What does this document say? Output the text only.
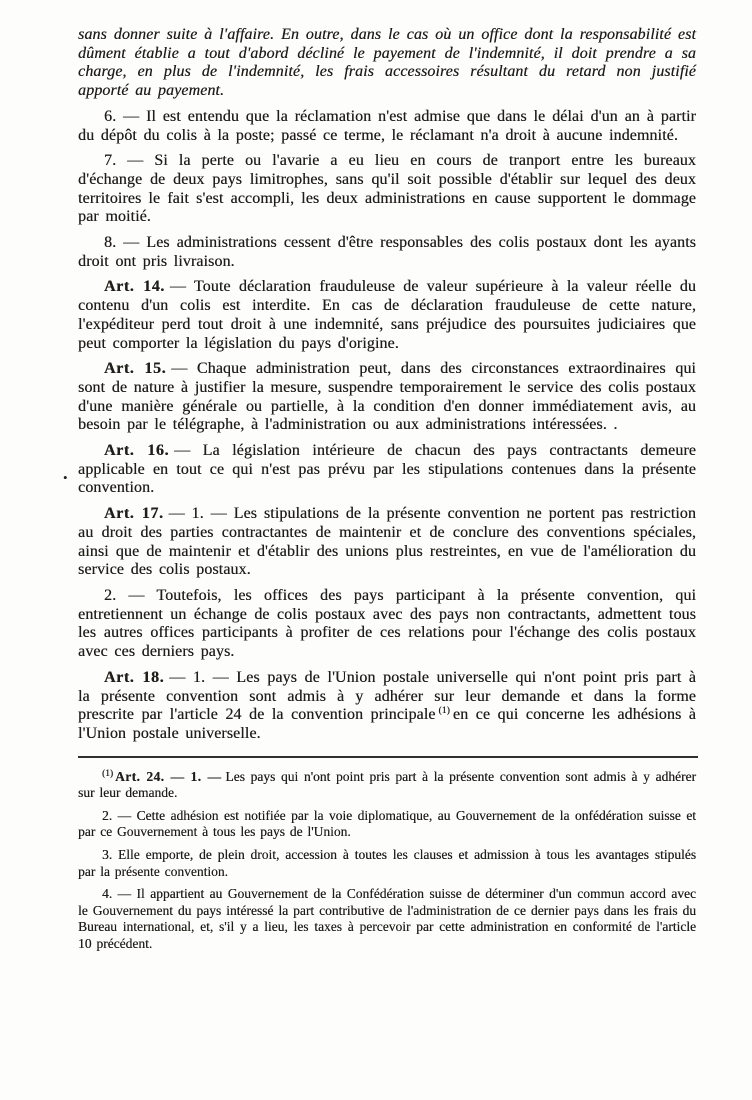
•

sans donner suite à l'affaire. En outre, dans le cas où un office dont la responsabilité est dûment établie a tout d'abord décliné le payement de l'indemnité, il doit prendre a sa charge, en plus de l'indemnité, les frais accessoires résultant du retard non justifié apporté au payement.

6. — Il est entendu que la réclamation n'est admise que dans le délai d'un an à partir du dépôt du colis à la poste; passé ce terme, le réclamant n'a droit à aucune indemnité.

7. — Si la perte ou l'avarie a eu lieu en cours de tranport entre les bureaux d'échange de deux pays limitrophes, sans qu'il soit possible d'établir sur lequel des deux territoires le fait s'est accompli, les deux administrations en cause supportent le dommage par moitié.

8. — Les administrations cessent d'être responsables des colis postaux dont les ayants droit ont pris livraison.

Art. 14. — Toute déclaration frauduleuse de valeur supérieure à la valeur réelle du contenu d'un colis est interdite. En cas de déclaration frauduleuse de cette nature, l'expéditeur perd tout droit à une indemnité, sans préjudice des poursuites judiciaires que peut comporter la législation du pays d'origine.

Art. 15. — Chaque administration peut, dans des circonstances extraordinaires qui sont de nature à justifier la mesure, suspendre temporairement le service des colis postaux d'une manière générale ou partielle, à la condition d'en donner immédiatement avis, au besoin par le télégraphe, à l'administration ou aux administrations intéressées. .

Art. 16. — La législation intérieure de chacun des pays contractants demeure applicable en tout ce qui n'est pas prévu par les stipulations contenues dans la présente convention.

Art. 17. — 1. — Les stipulations de la présente convention ne portent pas restriction au droit des parties contractantes de maintenir et de conclure des conventions spéciales, ainsi que de maintenir et d'établir des unions plus restreintes, en vue de l'amélioration du service des colis postaux.

2. — Toutefois, les offices des pays participant à la présente convention, qui entretiennent un échange de colis postaux avec des pays non contractants, admettent tous les autres offices participants à profiter de ces relations pour l'échange des colis postaux avec ces derniers pays.

Art. 18. — 1. — Les pays de l'Union postale universelle qui n'ont point pris part à la présente convention sont admis à y adhérer sur leur demande et dans la forme prescrite par l'article 24 de la convention principale $^{(1)}$ en ce qui concerne les adhésions à l'Union postale universelle.

$^{(1)}$ Art. 24. — 1. — Les pays qui n'ont point pris part à la présente convention sont admis à y adhérer sur leur demande.

2. — Cette adhésion est notifiée par la voie diplomatique, au Gouvernement de la onfédération suisse et par ce Gouvernement à tous les pays de l'Union.

3. Elle emporte, de plein droit, accession à toutes les clauses et admission à tous les avantages stipulés par la présente convention.

4. — Il appartient au Gouvernement de la Confédération suisse de déterminer d'un commun accord avec le Gouvernement du pays intéressé la part contributive de l'administration de ce dernier pays dans les frais du Bureau international, et, s'il y a lieu, les taxes à percevoir par cette administration en conformité de l'article 10 précédent.
